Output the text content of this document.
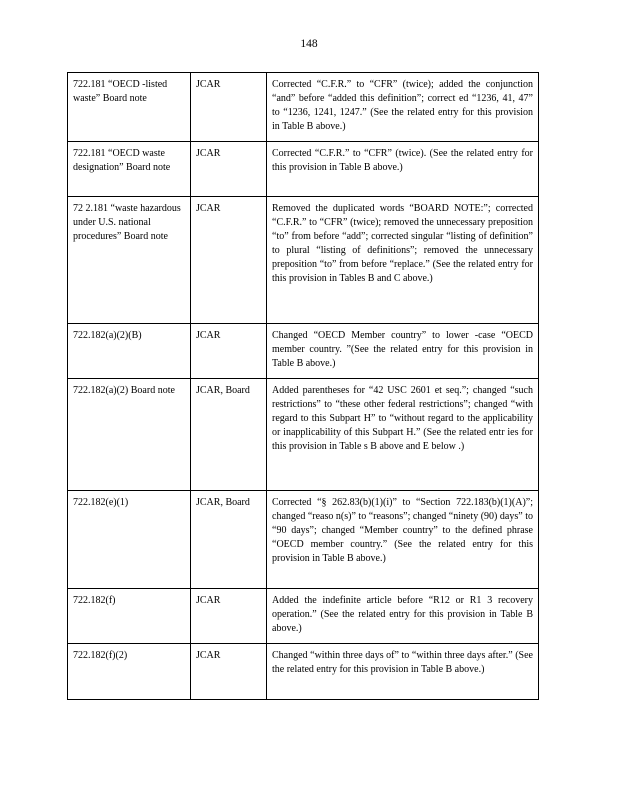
148
722.181 “OECD -listed waste” Board note	JCAR	Corrected “C.F.R.” to “CFR” (twice); added the conjunction “and” before “added this definition”; correct ed “1236, 41, 47” to “1236, 1241, 1247.” (See the related entry for this provision in Table B above.)
722.181 “OECD waste designation” Board note	JCAR	Corrected “C.F.R.” to “CFR” (twice). (See the related entry for this provision in Table B above.)
72 2.181 “waste hazardous under U.S. national procedures” Board note	JCAR	Removed the duplicated words “BOARD NOTE:”; corrected “C.F.R.” to “CFR” (twice); removed the unnecessary preposition “to” from before “add”; corrected singular “listing of definition” to plural “listing of definitions”; removed the unnecessary preposition “to” from before “replace.” (See the related entry for this provision in Tables B and C above.)
722.182(a)(2)(B)	JCAR	Changed “OECD Member country” to lower -case “OECD member country. ”(See the related entry for this provision in Table B above.)
722.182(a)(2) Board note	JCAR, Board	Added parentheses for “42 USC 2601 et seq.”; changed “such restrictions” to “these other federal restrictions”; changed “with regard to this Subpart H” to “without regard to the applicability or inapplicability of this Subpart H.” (See the related entr ies for this provision in Table s B above and E below .)
722.182(e)(1)	JCAR, Board	Corrected “§ 262.83(b)(1)(i)” to “Section 722.183(b)(1)(A)”; changed “reaso n(s)” to “reasons”; changed “ninety (90) days” to “90 days”; changed “Member country” to the defined phrase “OECD member country.” (See the related entry for this provision in Table B above.)
722.182(f)	JCAR	Added the indefinite article before “R12 or R1 3 recovery operation.” (See the related entry for this provision in Table B above.)
722.182(f)(2)	JCAR	Changed “within three days of” to “within three days after.” (See the related entry for this provision in Table B above.)
